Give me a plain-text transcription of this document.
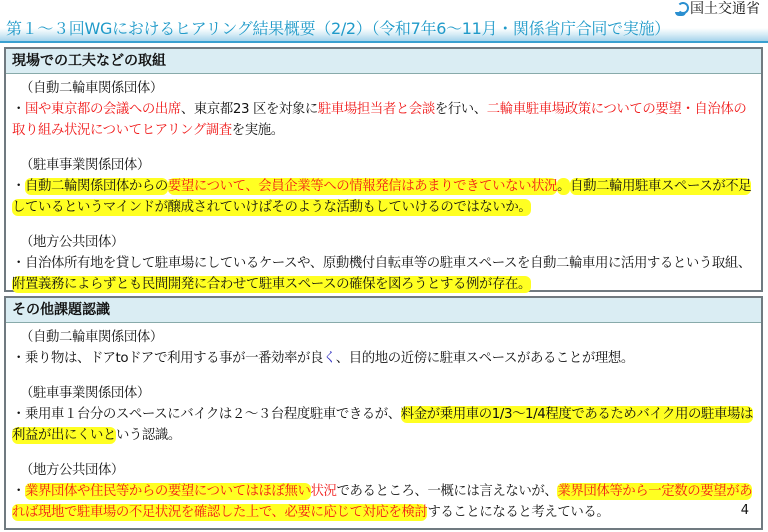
第１～３回WGにおけるヒアリング結果概要（2/2）（令和7年6～11月・関係省庁合同で実施）
国土交通省
現場での工夫などの取組
（自動二輪車関係団体）
・国や東京都の会議への出席、東京都23 区を対象に駐車場担当者と会談を行い、二輪車駐車場政策についての要望・自治体の取り組み状況についてヒアリング調査を実施。
（駐車事業関係団体）
・自動二輪関係団体からの要望について、会員企業等への情報発信はあまりできていない状況。自動二輪用駐車スペースが不足しているというマインドが醸成されていけばそのような活動もしていけるのではないか。
（地方公共団体）
・自治体所有地を貸して駐車場にしているケースや、原動機付自転車等の駐車スペースを自動二輪車用に活用するという取組、附置義務によらずとも民間開発に合わせて駐車スペースの確保を図ろうとする例が存在。
その他課題認識
（自動二輪車関係団体）
・乗り物は、ドアtoドアで利用する事が一番効率が良く、目的地の近傍に駐車スペースがあることが理想。
（駐車事業関係団体）
・乗用車１台分のスペースにバイクは２～３台程度駐車できるが、料金が乗用車の1/3～1/4程度であるためバイク用の駐車場は利益が出にくいという認識。
（地方公共団体）
・業界団体や住民等からの要望についてはほぼ無い状況であるところ、一概には言えないが、業界団体等から一定数の要望があれば現地で駐車場の不足状況を確認した上で、必要に応じて対応を検討することになると考えている。	4
